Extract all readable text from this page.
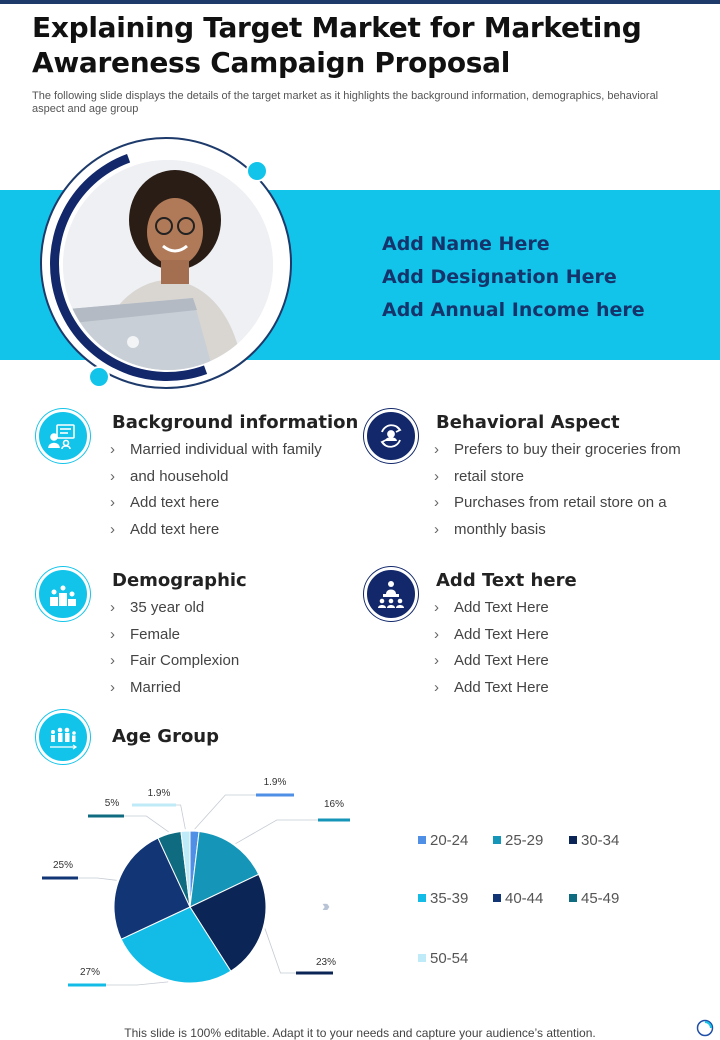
Explaining Target Market for Marketing Awareness Campaign Proposal
The following slide displays the details of the target market as it highlights the background information, demographics, behavioral aspect and age group
Add Name Here
Add Designation Here
Add Annual Income here
Background information
› Married individual with family
› and household
› Add text here
› Add text here
Behavioral Aspect
› Prefers to buy their groceries from
› retail store
› Purchases from retail store on a
› monthly basis
Demographic
› 35 year old
› Female
› Fair Complexion
› Married
Add Text here
› Add Text Here
› Add Text Here
› Add Text Here
› Add Text Here
Age Group
1.9%
16%
23%
27%
25%
5%
1.9%
›››
20-24	25-29	30-34
35-39	40-44	45-49
50-54
This slide is 100% editable. Adapt it to your needs and capture your audience’s attention.
